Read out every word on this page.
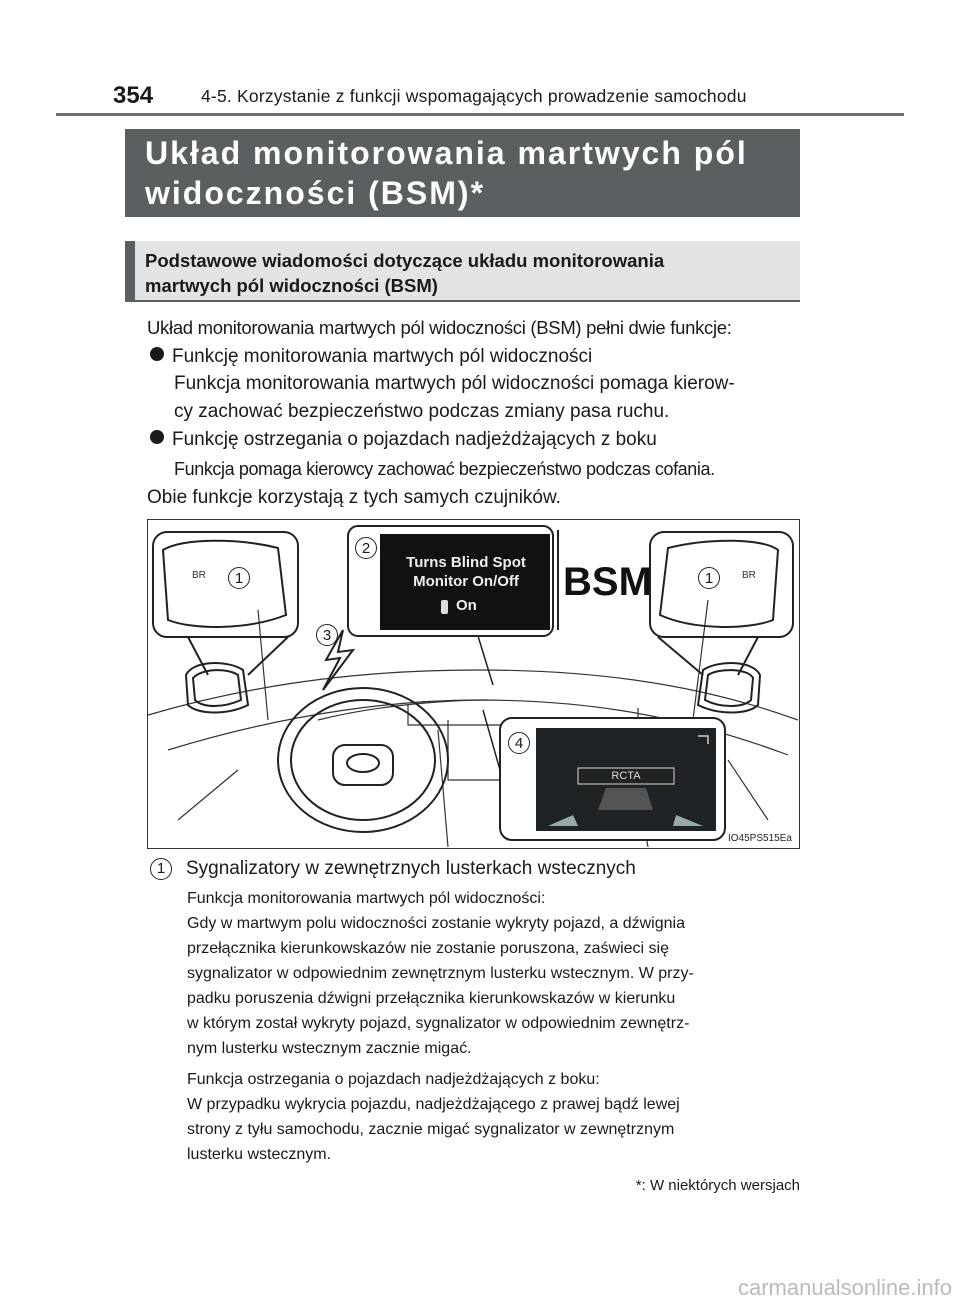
354	4-5. Korzystanie z funkcji wspomagających prowadzenie samochodu
Układ monitorowania martwych pól
widoczności (BSM)*
Podstawowe wiadomości dotyczące układu monitorowania
martwych pól widoczności (BSM)
Układ monitorowania martwych pól widoczności (BSM) pełni dwie funkcje:
Funkcję monitorowania martwych pól widoczności
Funkcja monitorowania martwych pól widoczności pomaga kierow-
cy zachować bezpieczeństwo podczas zmiany pasa ruchu.
Funkcję ostrzegania o pojazdach nadjeżdżających z boku
Funkcja pomaga kierowcy zachować bezpieczeństwo podczas cofania.
Obie funkcje korzystają z tych samych czujników.
Turns Blind Spot
Monitor On/Off
On
BSM
RCTA
BR	BR
1
2
3
4
1
IO45PS515Ea
1 Sygnalizatory w zewnętrznych lusterkach wstecznych
Funkcja monitorowania martwych pól widoczności:
Gdy w martwym polu widoczności zostanie wykryty pojazd, a dźwignia
przełącznika kierunkowskazów nie zostanie poruszona, zaświeci się
sygnalizator w odpowiednim zewnętrznym lusterku wstecznym. W przy-
padku poruszenia dźwigni przełącznika kierunkowskazów w kierunku
w którym został wykryty pojazd, sygnalizator w odpowiednim zewnętrz-
nym lusterku wstecznym zacznie migać.
Funkcja ostrzegania o pojazdach nadjeżdżających z boku:
W przypadku wykrycia pojazdu, nadjeżdżającego z prawej bądź lewej
strony z tyłu samochodu, zacznie migać sygnalizator w zewnętrznym
lusterku wstecznym.
*: W niektórych wersjach
carmanualsonline.info
